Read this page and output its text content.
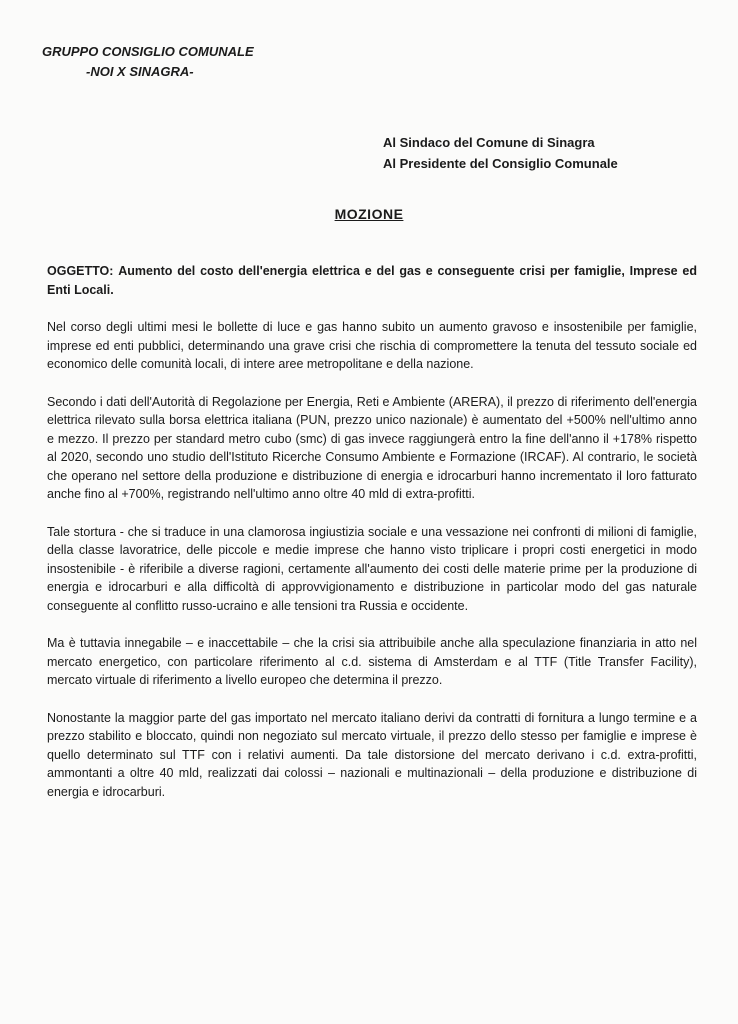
GRUPPO CONSIGLIO COMUNALE
-NOI X SINAGRA-
Al Sindaco del Comune di Sinagra
Al Presidente del Consiglio Comunale
MOZIONE

OGGETTO: Aumento del costo dell'energia elettrica e del gas e conseguente crisi per famiglie, Imprese ed Enti Locali.

Nel corso degli ultimi mesi le bollette di luce e gas hanno subito un aumento gravoso e insostenibile per famiglie, imprese ed enti pubblici, determinando una grave crisi che rischia di compromettere la tenuta del tessuto sociale ed economico delle comunità locali, di intere aree metropolitane e della nazione.

Secondo i dati dell'Autorità di Regolazione per Energia, Reti e Ambiente (ARERA), il prezzo di riferimento dell'energia elettrica rilevato sulla borsa elettrica italiana (PUN, prezzo unico nazionale) è aumentato del +500% nell'ultimo anno e mezzo. Il prezzo per standard metro cubo (smc) di gas invece raggiungerà entro la fine dell'anno il +178% rispetto al 2020, secondo uno studio dell'Istituto Ricerche Consumo Ambiente e Formazione (IRCAF). Al contrario, le società che operano nel settore della produzione e distribuzione di energia e idrocarburi hanno incrementato il loro fatturato anche fino al +700%, registrando nell'ultimo anno oltre 40 mld di extra-profitti.

Tale stortura - che si traduce in una clamorosa ingiustizia sociale e una vessazione nei confronti di milioni di famiglie, della classe lavoratrice, delle piccole e medie imprese che hanno visto triplicare i propri costi energetici in modo insostenibile - è riferibile a diverse ragioni, certamente all'aumento dei costi delle materie prime per la produzione di energia e idrocarburi e alla difficoltà di approvvigionamento e distribuzione in particolar modo del gas naturale conseguente al conflitto russo-ucraino e alle tensioni tra Russia e occidente.

Ma è tuttavia innegabile – e inaccettabile – che la crisi sia attribuibile anche alla speculazione finanziaria in atto nel mercato energetico, con particolare riferimento al c.d. sistema di Amsterdam e al TTF (Title Transfer Facility), mercato virtuale di riferimento a livello europeo che determina il prezzo.

Nonostante la maggior parte del gas importato nel mercato italiano derivi da contratti di fornitura a lungo termine e a prezzo stabilito e bloccato, quindi non negoziato sul mercato virtuale, il prezzo dello stesso per famiglie e imprese è quello determinato sul TTF con i relativi aumenti. Da tale distorsione del mercato derivano i c.d. extra-profitti, ammontanti a oltre 40 mld, realizzati dai colossi – nazionali e multinazionali – della produzione e distribuzione di energia e idrocarburi.
